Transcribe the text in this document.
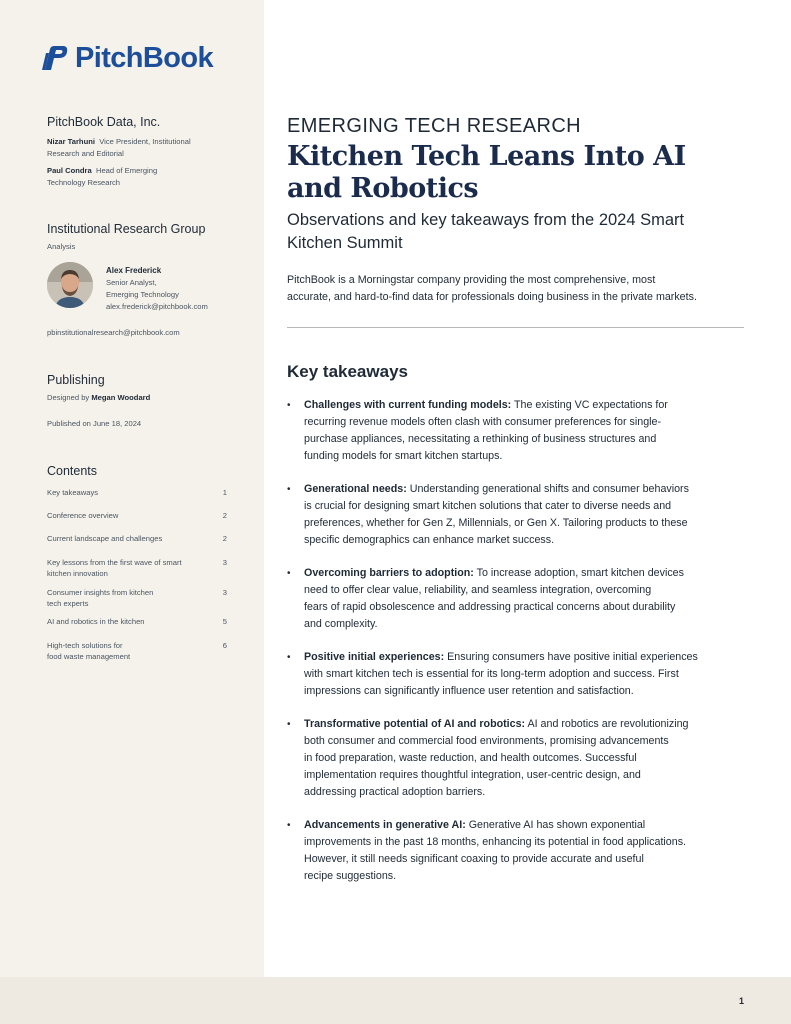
1
PitchBook
PitchBook Data, Inc.
Nizar Tarhuni Vice President, Institutional
Research and Editorial
Paul Condra Head of Emerging
Technology Research
Institutional Research Group
Analysis
Alex Frederick
Senior Analyst,
Emerging Technology
alex.frederick@pitchbook.com
pbinstitutionalresearch@pitchbook.com
Publishing
Designed by Megan Woodard
Published on June 18, 2024
Contents
Key takeaways	1
Conference overview	2
Current landscape and challenges	2
Key lessons from the first wave of smart
kitchen innovation
3
Consumer insights from kitchen
tech experts
3
AI and robotics in the kitchen	5
High-tech solutions for
food waste management
6
EMERGING TECH RESEARCH
Kitchen Tech Leans Into AI
and Robotics
Observations and key takeaways from the 2024 Smart
Kitchen Summit
PitchBook is a Morningstar company providing the most comprehensive, most
accurate, and hard-to-find data for professionals doing business in the private markets.
Key takeaways
• Challenges with current funding models: The existing VC expectations for
recurring revenue models often clash with consumer preferences for single-
purchase appliances, necessitating a rethinking of business structures and
funding models for smart kitchen startups.
• Generational needs: Understanding generational shifts and consumer behaviors
is crucial for designing smart kitchen solutions that cater to diverse needs and
preferences, whether for Gen Z, Millennials, or Gen X. Tailoring products to these
specific demographics can enhance market success.
• Overcoming barriers to adoption: To increase adoption, smart kitchen devices
need to offer clear value, reliability, and seamless integration, overcoming
fears of rapid obsolescence and addressing practical concerns about durability
and complexity.
• Positive initial experiences: Ensuring consumers have positive initial experiences
with smart kitchen tech is essential for its long-term adoption and success. First
impressions can significantly influence user retention and satisfaction.
• Transformative potential of AI and robotics: AI and robotics are revolutionizing
both consumer and commercial food environments, promising advancements
in food preparation, waste reduction, and health outcomes. Successful
implementation requires thoughtful integration, user-centric design, and
addressing practical adoption barriers.
• Advancements in generative AI: Generative AI has shown exponential
improvements in the past 18 months, enhancing its potential in food applications.
However, it still needs significant coaxing to provide accurate and useful
recipe suggestions.
